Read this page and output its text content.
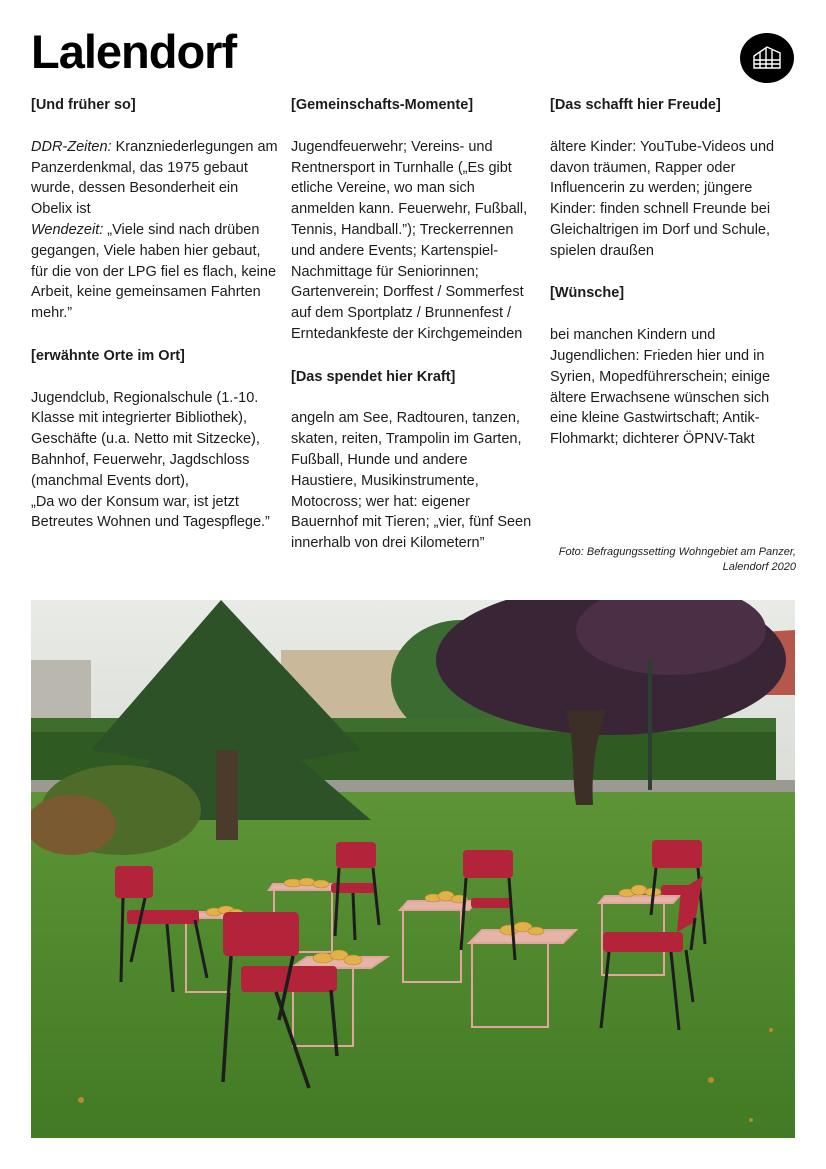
Lalendorf
[Und früher so]

DDR-Zeiten: Kranzniederlegungen am Panzerdenkmal, das 1975 gebaut wurde, dessen Besonderheit ein Obelix ist
Wendezeit: „Viele sind nach drüben gegangen, Viele haben hier gebaut, für die von der LPG fiel es flach, keine Arbeit, keine gemeinsamen Fahrten mehr.”

[erwähnte Orte im Ort]

Jugendclub, Regionalschule (1.-10. Klasse mit integrierter Bibliothek), Geschäfte (u.a. Netto mit Sitzecke), Bahnhof, Feuerwehr, Jagdschloss (manchmal Events dort),
„Da wo der Konsum war, ist jetzt Betreutes Wohnen und Tagespflege.”

[Gemeinschafts-Momente]

Jugendfeuerwehr; Vereins- und Rentnersport in Turnhalle („Es gibt etliche Vereine, wo man sich anmelden kann. Feuerwehr, Fußball, Tennis, Handball.”); Treckerrennen und andere Events; Kartenspiel-Nachmittage für Seniorinnen; Gartenverein; Dorffest / Sommerfest auf dem Sportplatz / Brunnenfest / Erntedankfeste der Kirchgemeinden

[Das spendet hier Kraft]

angeln am See, Radtouren, tanzen, skaten, reiten, Trampolin im Garten, Fußball, Hunde und andere Haustiere, Musikinstrumente, Motocross; wer hat: eigener Bauernhof mit Tieren; „vier, fünf Seen innerhalb von drei Kilometern”

[Das schafft hier Freude]

ältere Kinder: YouTube-Videos und davon träumen, Rapper oder Influencerin zu werden; jüngere Kinder: finden schnell Freunde bei Gleichaltrigen im Dorf und Schule, spielen draußen

[Wünsche]

bei manchen Kindern und Jugendlichen: Frieden hier und in Syrien, Mopedführerschein; einige ältere Erwachsene wünschen sich eine kleine Gastwirtschaft; Antik-Flohmarkt; dichterer ÖPNV-Takt

Foto: Befragungssetting Wohngebiet am Panzer,
Lalendorf 2020
